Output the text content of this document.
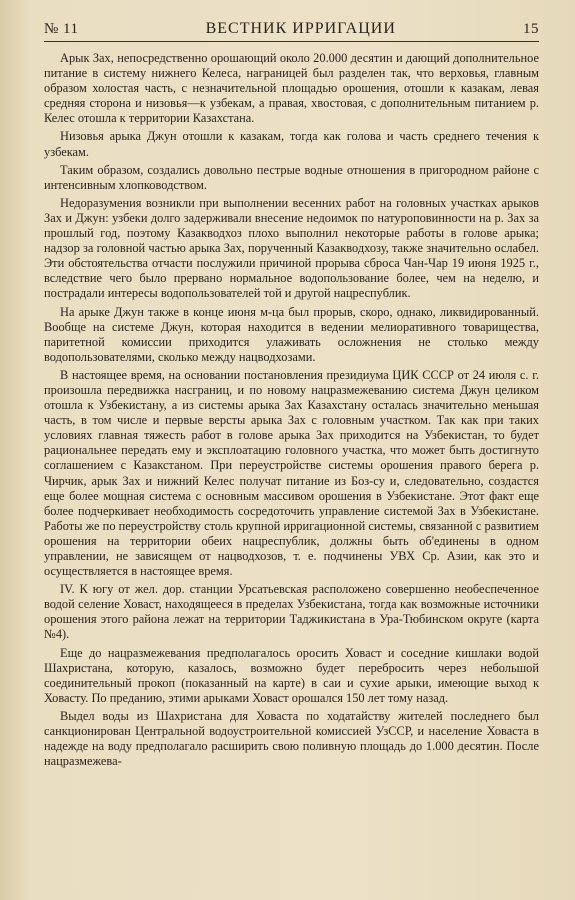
№ 11	ВЕСТНИК ИРРИГАЦИИ	15

Арык Зах, непосредственно орошающий около 20.000 десятин и дающий дополнительное питание в систему нижнего Келеса, награницей был разделен так, что верховья, главным образом холостая часть, с незначительной площадью орошения, отошли к казакам, левая средняя сторона и низовья—к узбекам, а правая, хвостовая, с дополнительным питанием р. Келес отошла к территории Казахстана.

Низовья арыка Джун отошли к казакам, тогда как голова и часть среднего течения к узбекам.

Таким образом, создались довольно пестрые водные отношения в пригородном районе с интенсивным хлопководством.

Недоразумения возникли при выполнении весенних работ на головных участках арыков Зах и Джун: узбеки долго задерживали внесение недоимок по натуроповинности на р. Зах за прошлый год, поэтому Казакводхоз плохо выполнил некоторые работы в голове арыка; надзор за головной частью арыка Зах, порученный Казакводхозу, также значительно ослабел. Эти обстоятельства отчасти послужили причиной прорыва сброса Чан-Чар 19 июня 1925 г., вследствие чего было прервано нормальное водопользование более, чем на неделю, и пострадали интересы водопользователей той и другой нацреспублик.

На арыке Джун также в конце июня м-ца был прорыв, скоро, однако, ликвидированный. Вообще на системе Джун, которая находится в ведении мелиоративного товарищества, паритетной комиссии приходится улаживать осложнения не столько между водопользователями, сколько между нацводхозами.

В настоящее время, на основании постановления президиума ЦИК СССР от 24 июля с. г. произошла передвижка наcграниц, и по новому нацразмежеванию система Джун целиком отошла к Узбекистану, а из системы арыка Зах Казахстану осталась значительно меньшая часть, в том числе и первые версты арыка Зах с головным участком. Так как при таких условиях главная тяжесть работ в голове арыка Зах приходится на Узбекистан, то будет рациональнее передать ему и эксплоатацию головного участка, что может быть достигнуто соглашением с Казакстаном. При переустройстве системы орошения правого берега р. Чирчик, арык Зах и нижний Келес получат питание из Боз-су и, следовательно, создастся еще более мощная система с основным массивом орошения в Узбекистане. Этот факт еще более подчеркивает необходимость сосредоточить управление системой Зах в Узбекистане. Работы же по переустройству столь крупной ирригационной системы, связанной с развитием орошения на территории обеих нацреспублик, должны быть об'единены в одном управлении, не зависящем от нацводхозов, т. е. подчинены УВХ Ср. Азии, как это и осуществляется в настоящее время.

IV. К югу от жел. дор. станции Урсатьевская расположено совершенно необеспеченное водой селение Ховаст, находящееся в пределах Узбекистана, тогда как возможные источники орошения этого района лежат на территории Таджикистана в Ура-Тюбинском округе (карта №4).

Еще до нацразмежевания предполагалось оросить Ховаст и соседние кишлаки водой Шахристана, которую, казалось, возможно будет переброcить через небольшой соединительный прокоп (показанный на карте) в саи и сухие арыки, имеющие выход к Ховасту. По преданию, этими арыками Ховаст орошался 150 лет тому назад.

Выдел воды из Шахристана для Ховаста по ходатайству жителей последнего был санкционирован Центральной водоустроительной комиссией УзССР, и население Ховаста в надежде на воду предполагало расширить свою поливную площадь до 1.000 десятин. После нацразмежева-
